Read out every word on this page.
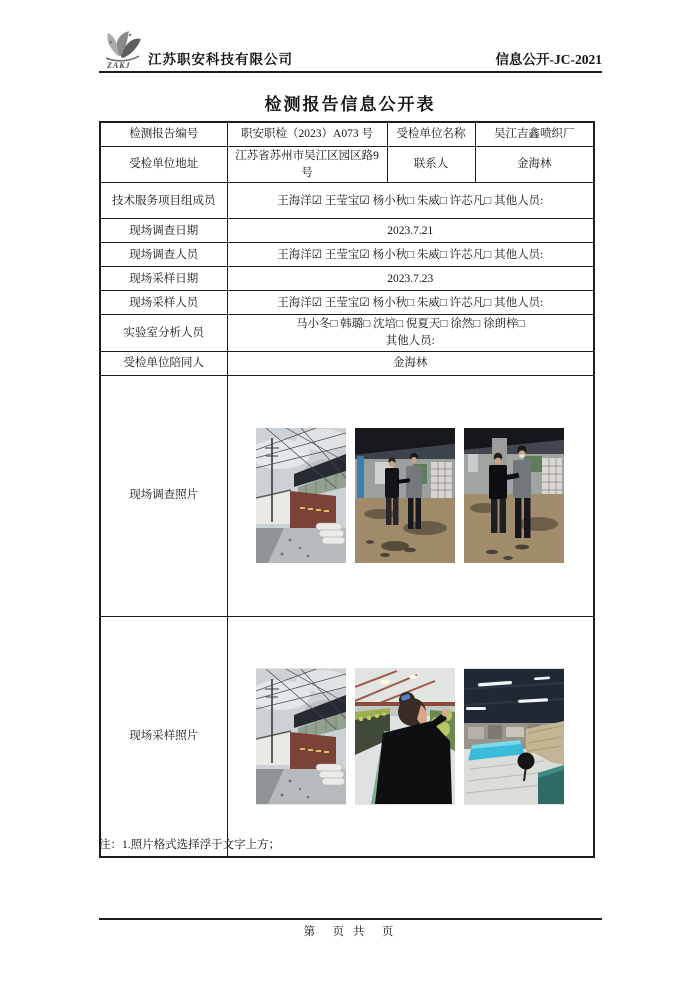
江苏职安科技有限公司	信息公开-JC-2021
检测报告信息公开表
检测报告编号	职安职检（2023）A073 号	受检单位名称	吴江吉鑫喷织厂
受检单位地址	江苏省苏州市吴江区园区路9 号	联系人	金海林
技术服务项目组成员	王海洋☑ 王莹宝☑ 杨小秋□ 朱威□ 许芯凡□ 其他人员:		
现场调查日期	2023.7.21		
现场调查人员	王海洋☑ 王莹宝☑ 杨小秋□ 朱威□ 许芯凡□ 其他人员:		
现场采样日期	2023.7.23		
现场采样人员	王海洋☑ 王莹宝☑ 杨小秋□ 朱威□ 许芯凡□ 其他人员:		
实验室分析人员	马小冬□ 韩璐□ 沈培□ 倪夏天□ 徐然□ 徐朗梓□
其他人员:		

受检单位陪同人	金海林		
现场调查照片	

现场采样照片	
注：1.照片格式选择浮于文字上方；
第　页 共　页
